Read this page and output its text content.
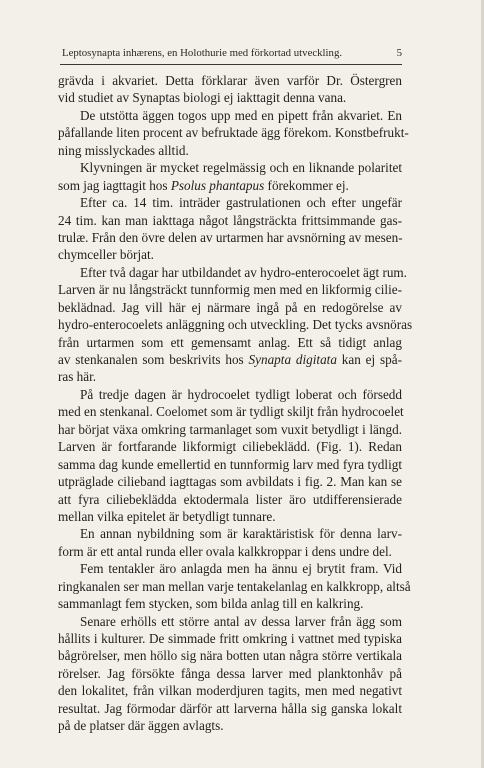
Leptosynapta inhærens, en Holothurie med förkortad utveckling.	5
grävda i akvariet. Detta förklarar även varför Dr. Östergren
vid studiet av Synaptas biologi ej iakttagit denna vana.
De utstötta äggen togos upp med en pipett från akvariet. En
påfallande liten procent av befruktade ägg förekom. Konstbefrukt-
ning misslyckades alltid.
Klyvningen är mycket regelmässig och en liknande polaritet
som jag iagttagit hos Psolus phantapus förekommer ej.
Efter ca. 14 tim. inträder gastrulationen och efter ungefär
24 tim. kan man iakttaga något långsträckta frittsimmande gas-
trulæ. Från den övre delen av urtarmen har avsnörning av mesen-
chymceller börjat.
Efter två dagar har utbildandet av hydro-enterocoelet ägt rum.
Larven är nu långsträckt tunnformig men med en likformig cilie-
beklädnad. Jag vill här ej närmare ingå på en redogörelse av
hydro-enterocoelets anläggning och utveckling. Det tycks avsnöras
från urtarmen som ett gemensamt anlag. Ett så tidigt anlag
av stenkanalen som beskrivits hos Synapta digitata kan ej spå-
ras här.
På tredje dagen är hydrocoelet tydligt loberat och försedd
med en stenkanal. Coelomet som är tydligt skiljt från hydrocoelet
har börjat växa omkring tarmanlaget som vuxit betydligt i längd.
Larven är fortfarande likformigt ciliebeklädd. (Fig. 1). Redan
samma dag kunde emellertid en tunnformig larv med fyra tydligt
utpräglade cilieband iagttagas som avbildats i fig. 2. Man kan se
att fyra ciliebeklädda ektodermala lister äro utdifferensierade
mellan vilka epitelet är betydligt tunnare.
En annan nybildning som är karaktäristisk för denna larv-
form är ett antal runda eller ovala kalkkroppar i dens undre del.
Fem tentakler äro anlagda men ha ännu ej brytit fram. Vid
ringkanalen ser man mellan varje tentakelanlag en kalkkropp, altså
sammanlagt fem stycken, som bilda anlag till en kalkring.
Senare erhölls ett större antal av dessa larver från ägg som
hållits i kulturer. De simmade fritt omkring i vattnet med typiska
bågrörelser, men höllo sig nära botten utan några större vertikala
rörelser. Jag försökte fånga dessa larver med planktonhåv på
den lokalitet, från vilkan moderdjuren tagits, men med negativt
resultat. Jag förmodar därför att larverna hålla sig ganska lokalt
på de platser där äggen avlagts.
